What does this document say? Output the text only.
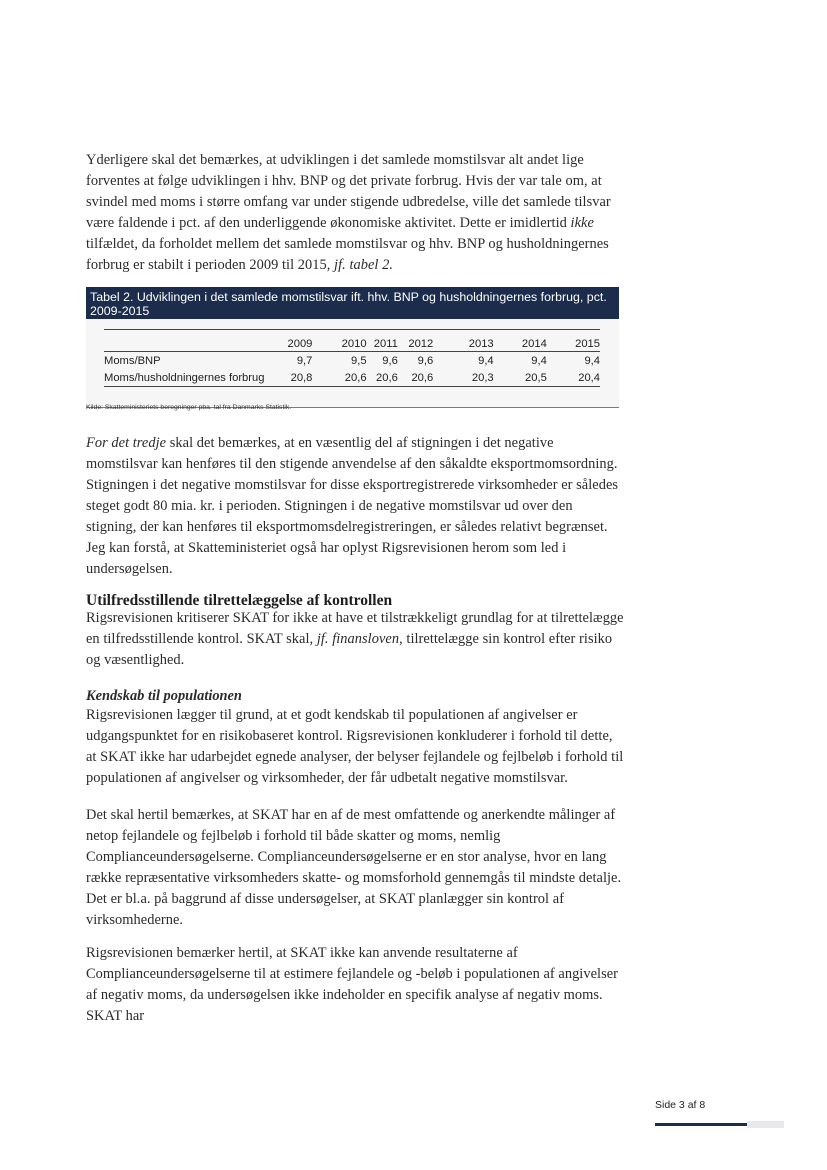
Yderligere skal det bemærkes, at udviklingen i det samlede momstilsvar alt andet lige forventes at følge udviklingen i hhv. BNP og det private forbrug. Hvis der var tale om, at svindel med moms i større omfang var under stigende udbredelse, ville det samlede tilsvar være faldende i pct. af den underliggende økonomiske aktivitet. Dette er imidlertid ikke tilfældet, da forholdet mellem det samlede momstilsvar og hhv. BNP og husholdningernes forbrug er stabilt i perioden 2009 til 2015, jf. tabel 2.

Tabel 2. Udviklingen i det samlede momstilsvar ift. hhv. BNP og husholdningernes forbrug, pct. 2009-2015
	2009	2010	2011	2012	2013	2014	2015
Moms/BNP	9,7	9,5	9,6	9,6	9,4	9,4	9,4
Moms/husholdningernes forbrug	20,8	20,6	20,6	20,6	20,3	20,5	20,4
Kilde: Skatteministeriets beregninger pba. tal fra Danmarks Statistik.

For det tredje skal det bemærkes, at en væsentlig del af stigningen i det negative momstilsvar kan henføres til den stigende anvendelse af den såkaldte eksportmomsordning. Stigningen i det negative momstilsvar for disse eksportregistrerede virksomheder er således steget godt 80 mia. kr. i perioden. Stigningen i de negative momstilsvar ud over den stigning, der kan henføres til eksportmomsdelregistreringen, er således relativt begrænset. Jeg kan forstå, at Skatteministeriet også har oplyst Rigsrevisionen herom som led i undersøgelsen.

Utilfredsstillende tilrettelæggelse af kontrollen

Rigsrevisionen kritiserer SKAT for ikke at have et tilstrækkeligt grundlag for at tilrettelægge en tilfredsstillende kontrol. SKAT skal, jf. finansloven, tilrettelægge sin kontrol efter risiko og væsentlighed.

Kendskab til populationen

Rigsrevisionen lægger til grund, at et godt kendskab til populationen af angivelser er udgangspunktet for en risikobaseret kontrol. Rigsrevisionen konkluderer i forhold til dette, at SKAT ikke har udarbejdet egnede analyser, der belyser fejlandele og fejlbeløb i forhold til populationen af angivelser og virksomheder, der får udbetalt negative momstilsvar.

Det skal hertil bemærkes, at SKAT har en af de mest omfattende og anerkendte målinger af netop fejlandele og fejlbeløb i forhold til både skatter og moms, nemlig Complianceundersøgelserne. Complianceundersøgelserne er en stor analyse, hvor en lang række repræsentative virksomheders skatte- og momsforhold gennemgås til mindste detalje. Det er bl.a. på baggrund af disse undersøgelser, at SKAT planlægger sin kontrol af virksomhederne.

Rigsrevisionen bemærker hertil, at SKAT ikke kan anvende resultaterne af Complianceundersøgelserne til at estimere fejlandele og -beløb i populationen af angivelser af negativ moms, da undersøgelsen ikke indeholder en specifik analyse af negativ moms. SKAT har

Side 3 af 8
